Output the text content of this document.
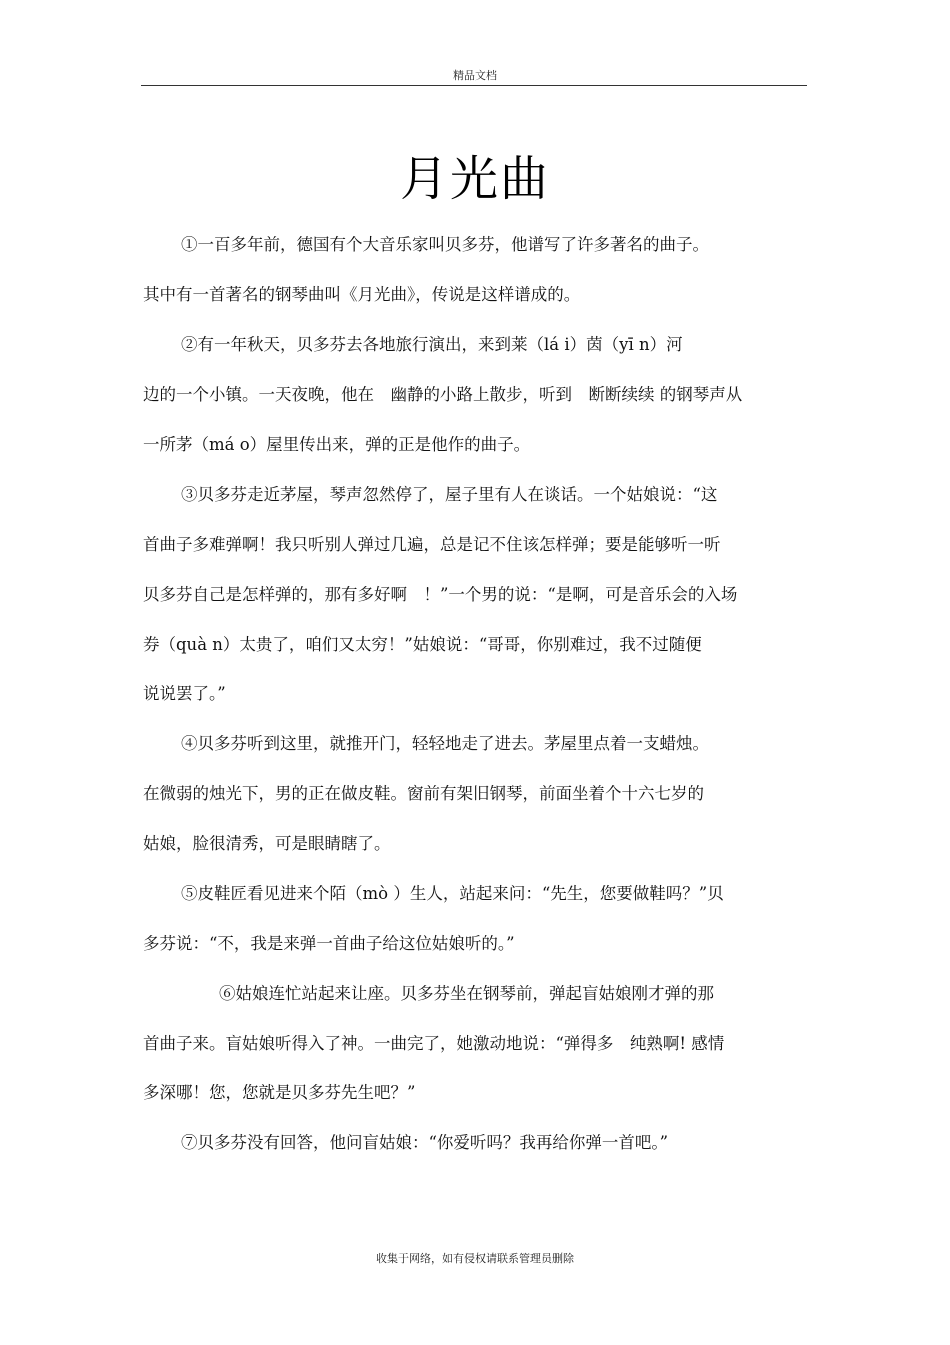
精品文档
月光曲
①一百多年前，德国有个大音乐家叫贝多芬，他谱写了许多著名的曲子。
其中有一首著名的钢琴曲叫《月光曲》，传说是这样谱成的。
②有一年秋天，贝多芬去各地旅行演出，来到莱（lá i）茵（yī n）河
边的一个小镇。一天夜晚，他在　幽静的小路上散步，听到　断断续续 的钢琴声从
一所茅（má o）屋里传出来，弹的正是他作的曲子。
③贝多芬走近茅屋，琴声忽然停了，屋子里有人在谈话。一个姑娘说：“这
首曲子多难弹啊！我只听别人弹过几遍，总是记不住该怎样弹；要是能够听一听
贝多芬自己是怎样弹的，那有多好啊　！”一个男的说：“是啊，可是音乐会的入场
券（quà n）太贵了，咱们又太穷！”姑娘说：“哥哥，你别难过，我不过随便
说说罢了。”
④贝多芬听到这里，就推开门，轻轻地走了进去。茅屋里点着一支蜡烛。
在微弱的烛光下，男的正在做皮鞋。窗前有架旧钢琴，前面坐着个十六七岁的
姑娘，脸很清秀，可是眼睛瞎了。
⑤皮鞋匠看见进来个陌（mò ）生人，站起来问：“先生，您要做鞋吗？”贝
多芬说：“不，我是来弹一首曲子给这位姑娘听的。”
⑥姑娘连忙站起来让座。贝多芬坐在钢琴前，弹起盲姑娘刚才弹的那
首曲子来。盲姑娘听得入了神。一曲完了，她激动地说：“弹得多　纯熟啊! 感情
多深哪！您，您就是贝多芬先生吧？”
⑦贝多芬没有回答，他问盲姑娘：“你爱听吗？我再给你弹一首吧。”
收集于网络，如有侵权请联系管理员删除
